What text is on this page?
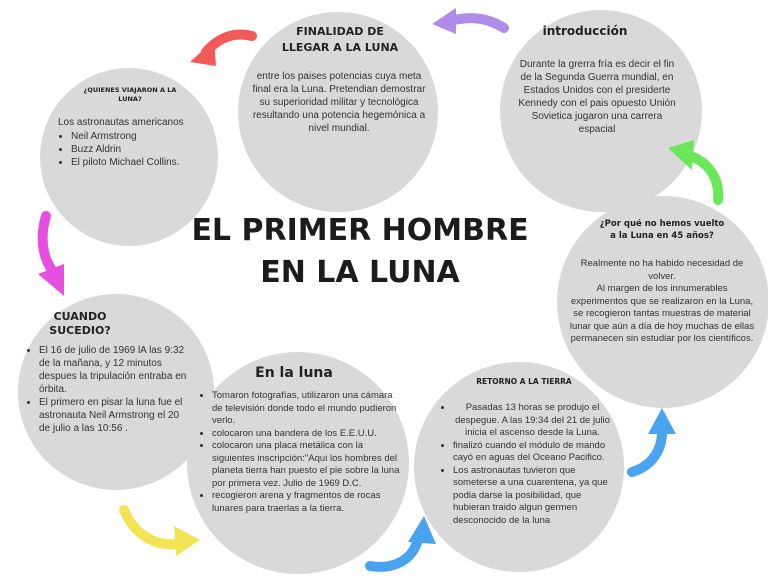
EL PRIMER HOMBRE
EN LA LUNA
FINALIDAD DE
LLEGAR A LA LUNA
entre los paises potencias cuya meta final era la Luna. Pretendian demostrar su superioridad militar y tecnológica resultando una potencia hegemónica a nivel mundial.
introducción
Durante la grerra fría es decir el fin de la Segunda Guerra mundial, en Estados Unidos con el presiderte Kennedy con el pais opuesto Unión Sovietica jugaron una carrera espacial
¿QUIENES VIAJARON A LA
LUNA?
Los astronautas americanos
• Neil Armstrong
• Buzz Aldrin
• El piloto Michael Collins.
¿Por qué no hemos vuelto
a la Luna en 45 años?
Realmente no ha habido necesidad de volver.
Al margen de los innumerables experimentos que se realizaron en la Luna, se recogieron tantas muestras de material lunar que aún a día de hoy muchas de ellas permanecen sin estudiar por los científicos.
CUANDO
SUCEDIO?
• El 16 de julio de 1969 lA las 9:32 de la mañana, y 12 minutos despues la tripulación entraba en órbita.
• El primero en pisar la luna fue el astronauta Neil Armstrong el 20 de julio a las 10:56 .
En la luna
• Tomaron fotografías, utilizaron una cámara de televisión donde todo el mundo pudieron verlo.
• colocaron una bandera de los E.E.U.U.
• colocaron una placa metálica con la siguientes inscripción:"Aqui los hombres del planeta tierra han puesto el pie sobre la luna por primera vez. Julio de 1969 D.C.
• recogieron arena y fragmentos de rocas lunares para traerlas a la tierra.
RETORNO A LA TIERRA
• Pasadas 13 horas se produjo el despegue. A las 19:34 del 21 de julio inicia el ascenso desde la Luna.
• finalizó cuando el módulo de mando cayó en aguas del Oceano Pacifico.
• Los astronautas tuvieron que someterse a una cuarentena, ya que podia darse la posibilidad, que hubieran traido algun germen desconocido de la luna
